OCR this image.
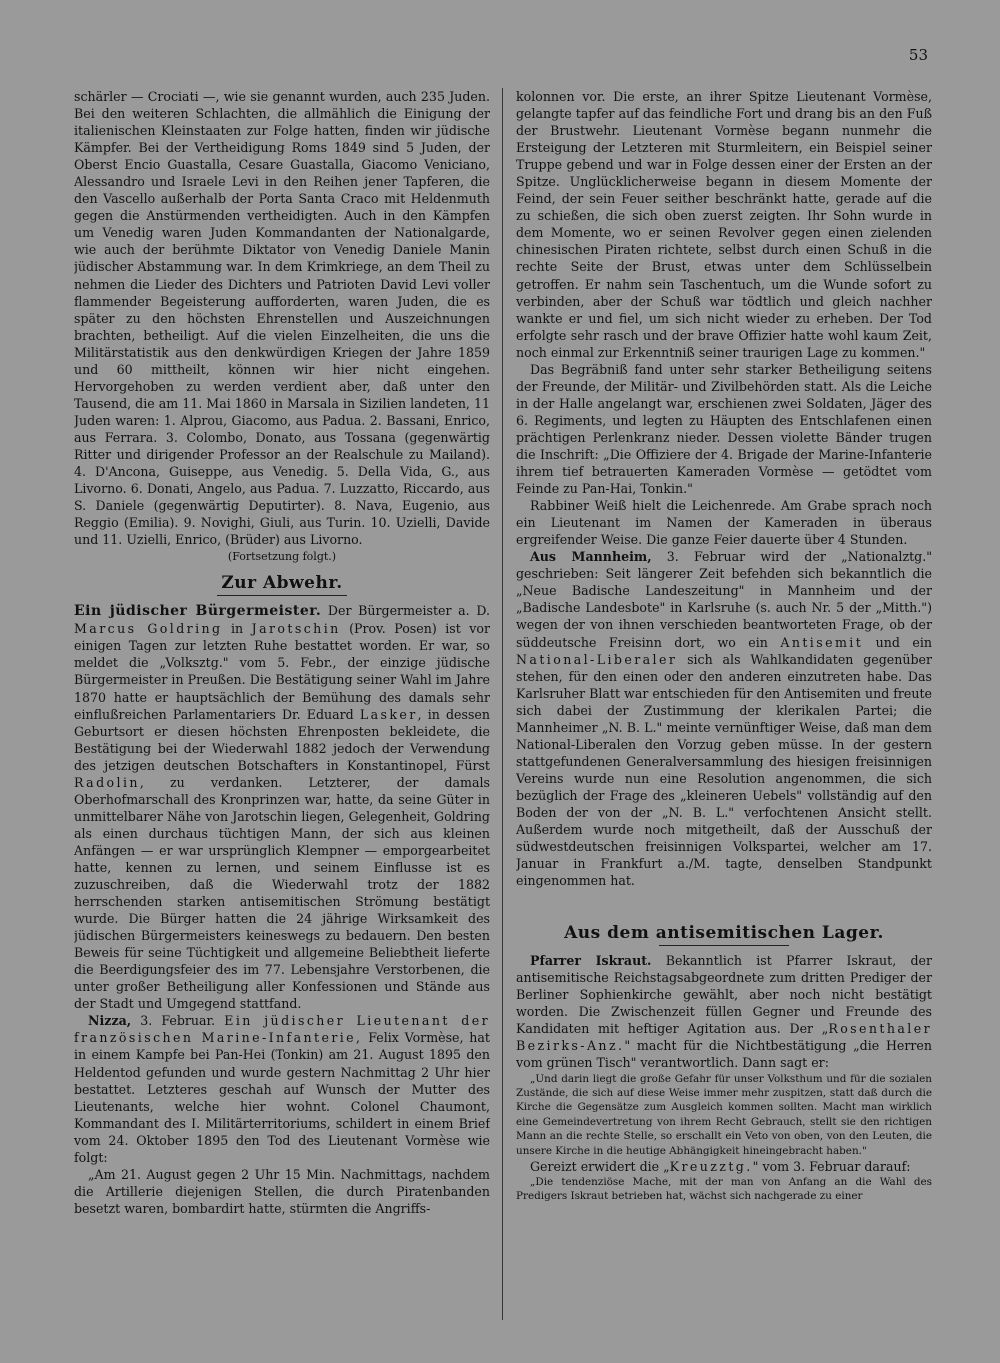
53

schärler — Crociati —, wie sie genannt wurden, auch 235 Juden. Bei den weiteren Schlachten, die allmählich die Einigung der italienischen Kleinstaaten zur Folge hatten, finden wir jüdische Kämpfer. Bei der Vertheidigung Roms 1849 sind 5 Juden, der Oberst Encio Guastalla, Cesare Guastalla, Giacomo Veniciano, Alessandro und Israele Levi in den Reihen jener Tapferen, die den Vascello außerhalb der Porta Santa Craco mit Heldenmuth gegen die Anstürmenden vertheidigten. Auch in den Kämpfen um Venedig waren Juden Kommandanten der Nationalgarde, wie auch der berühmte Diktator von Venedig Daniele Manin jüdischer Abstammung war. In dem Krimkriege, an dem Theil zu nehmen die Lieder des Dichters und Patrioten David Levi voller flammender Begeisterung aufforderten, waren Juden, die es später zu den höchsten Ehrenstellen und Auszeichnungen brachten, betheiligt. Auf die vielen Einzelheiten, die uns die Militärstatistik aus den denkwürdigen Kriegen der Jahre 1859 und 60 mittheilt, können wir hier nicht eingehen. Hervorgehoben zu werden verdient aber, daß unter den Tausend, die am 11. Mai 1860 in Marsala in Sizilien landeten, 11 Juden waren: 1. Alprou, Giacomo, aus Padua. 2. Bassani, Enrico, aus Ferrara. 3. Colombo, Donato, aus Tossana (gegenwärtig Ritter und dirigender Professor an der Realschule zu Mailand). 4. D'Ancona, Guiseppe, aus Venedig. 5. Della Vida, G., aus Livorno. 6. Donati, Angelo, aus Padua. 7. Luzzatto, Riccardo, aus S. Daniele (gegenwärtig Deputirter). 8. Nava, Eugenio, aus Reggio (Emilia). 9. Novighi, Giuli, aus Turin. 10. Uzielli, Davide und 11. Uzielli, Enrico, (Brüder) aus Livorno.

(Fortsetzung folgt.)
Zur Abwehr.

Ein jüdischer Bürgermeister. Der Bürgermeister a. D. Marcus Goldring in Jarotschin (Prov. Posen) ist vor einigen Tagen zur letzten Ruhe bestattet worden. Er war, so meldet die „Volksztg." vom 5. Febr., der einzige jüdische Bürgermeister in Preußen. Die Bestätigung seiner Wahl im Jahre 1870 hatte er hauptsächlich der Bemühung des damals sehr einflußreichen Parlamentariers Dr. Eduard Lasker, in dessen Geburtsort er diesen höchsten Ehrenposten bekleidete, die Bestätigung bei der Wiederwahl 1882 jedoch der Verwendung des jetzigen deutschen Botschafters in Konstantinopel, Fürst Radolin, zu verdanken. Letzterer, der damals Oberhofmarschall des Kronprinzen war, hatte, da seine Güter in unmittelbarer Nähe von Jarotschin liegen, Gelegenheit, Goldring als einen durchaus tüchtigen Mann, der sich aus kleinen Anfängen — er war ursprünglich Klempner — emporgearbeitet hatte, kennen zu lernen, und seinem Einflusse ist es zuzuschreiben, daß die Wiederwahl trotz der 1882 herrschenden starken antisemitischen Strömung bestätigt wurde. Die Bürger hatten die 24 jährige Wirksamkeit des jüdischen Bürgermeisters keineswegs zu bedauern. Den besten Beweis für seine Tüchtigkeit und allgemeine Beliebtheit lieferte die Beerdigungsfeier des im 77. Lebensjahre Verstorbenen, die unter großer Betheiligung aller Konfessionen und Stände aus der Stadt und Umgegend stattfand.

Nizza, 3. Februar. Ein jüdischer Lieutenant der französischen Marine-Infanterie, Felix Vormèse, hat in einem Kampfe bei Pan-Hei (Tonkin) am 21. August 1895 den Heldentod gefunden und wurde gestern Nachmittag 2 Uhr hier bestattet. Letzteres geschah auf Wunsch der Mutter des Lieutenants, welche hier wohnt. Colonel Chaumont, Kommandant des I. Militärterritoriums, schildert in einem Brief vom 24. Oktober 1895 den Tod des Lieutenant Vormèse wie folgt:

„Am 21. August gegen 2 Uhr 15 Min. Nachmittags, nachdem die Artillerie diejenigen Stellen, die durch Piratenbanden besetzt waren, bombardirt hatte, stürmten die Angriffs-

kolonnen vor. Die erste, an ihrer Spitze Lieutenant Vormèse, gelangte tapfer auf das feindliche Fort und drang bis an den Fuß der Brustwehr. Lieutenant Vormèse begann nunmehr die Ersteigung der Letzteren mit Sturmleitern, ein Beispiel seiner Truppe gebend und war in Folge dessen einer der Ersten an der Spitze. Unglücklicherweise begann in diesem Momente der Feind, der sein Feuer seither beschränkt hatte, gerade auf die zu schießen, die sich oben zuerst zeigten. Ihr Sohn wurde in dem Momente, wo er seinen Revolver gegen einen zielenden chinesischen Piraten richtete, selbst durch einen Schuß in die rechte Seite der Brust, etwas unter dem Schlüsselbein getroffen. Er nahm sein Taschentuch, um die Wunde sofort zu verbinden, aber der Schuß war tödtlich und gleich nachher wankte er und fiel, um sich nicht wieder zu erheben. Der Tod erfolgte sehr rasch und der brave Offizier hatte wohl kaum Zeit, noch einmal zur Erkenntniß seiner traurigen Lage zu kommen."

Das Begräbniß fand unter sehr starker Betheiligung seitens der Freunde, der Militär- und Zivilbehörden statt. Als die Leiche in der Halle angelangt war, erschienen zwei Soldaten, Jäger des 6. Regiments, und legten zu Häupten des Entschlafenen einen prächtigen Perlenkranz nieder. Dessen violette Bänder trugen die Inschrift: „Die Offiziere der 4. Brigade der Marine-Infanterie ihrem tief betrauerten Kameraden Vormèse — getödtet vom Feinde zu Pan-Hai, Tonkin."

Rabbiner Weiß hielt die Leichenrede. Am Grabe sprach noch ein Lieutenant im Namen der Kameraden in überaus ergreifender Weise. Die ganze Feier dauerte über 4 Stunden.

Aus Mannheim, 3. Februar wird der „Nationalztg." geschrieben: Seit längerer Zeit befehden sich bekanntlich die „Neue Badische Landeszeitung" in Mannheim und der „Badische Landesbote" in Karlsruhe (s. auch Nr. 5 der „Mitth.") wegen der von ihnen verschieden beantworteten Frage, ob der süddeutsche Freisinn dort, wo ein Antisemit und ein National-Liberaler sich als Wahlkandidaten gegenüber stehen, für den einen oder den anderen einzutreten habe. Das Karlsruher Blatt war entschieden für den Antisemiten und freute sich dabei der Zustimmung der klerikalen Partei; die Mannheimer „N. B. L." meinte vernünftiger Weise, daß man dem National-Liberalen den Vorzug geben müsse. In der gestern stattgefundenen Generalversammlung des hiesigen freisinnigen Vereins wurde nun eine Resolution angenommen, die sich bezüglich der Frage des „kleineren Uebels" vollständig auf den Boden der von der „N. B. L." verfochtenen Ansicht stellt. Außerdem wurde noch mitgetheilt, daß der Ausschuß der südwestdeutschen freisinnigen Volkspartei, welcher am 17. Januar in Frankfurt a./M. tagte, denselben Standpunkt eingenommen hat.

Aus dem antisemitischen Lager.

Pfarrer Iskraut. Bekanntlich ist Pfarrer Iskraut, der antisemitische Reichstagsabgeordnete zum dritten Prediger der Berliner Sophienkirche gewählt, aber noch nicht bestätigt worden. Die Zwischenzeit füllen Gegner und Freunde des Kandidaten mit heftiger Agitation aus. Der „Rosenthaler Bezirks-Anz." macht für die Nichtbestätigung „die Herren vom grünen Tisch" verantwortlich. Dann sagt er:

„Und darin liegt die große Gefahr für unser Volksthum und für die sozialen Zustände, die sich auf diese Weise immer mehr zuspitzen, statt daß durch die Kirche die Gegensätze zum Ausgleich kommen sollten. Macht man wirklich eine Gemeindevertretung von ihrem Recht Gebrauch, stellt sie den richtigen Mann an die rechte Stelle, so erschallt ein Veto von oben, von den Leuten, die unsere Kirche in die heutige Abhängigkeit hineingebracht haben."

Gereizt erwidert die „Kreuzztg." vom 3. Februar darauf:

„Die tendenziöse Mache, mit der man von Anfang an die Wahl des Predigers Iskraut betrieben hat, wächst sich nachgerade zu einer
